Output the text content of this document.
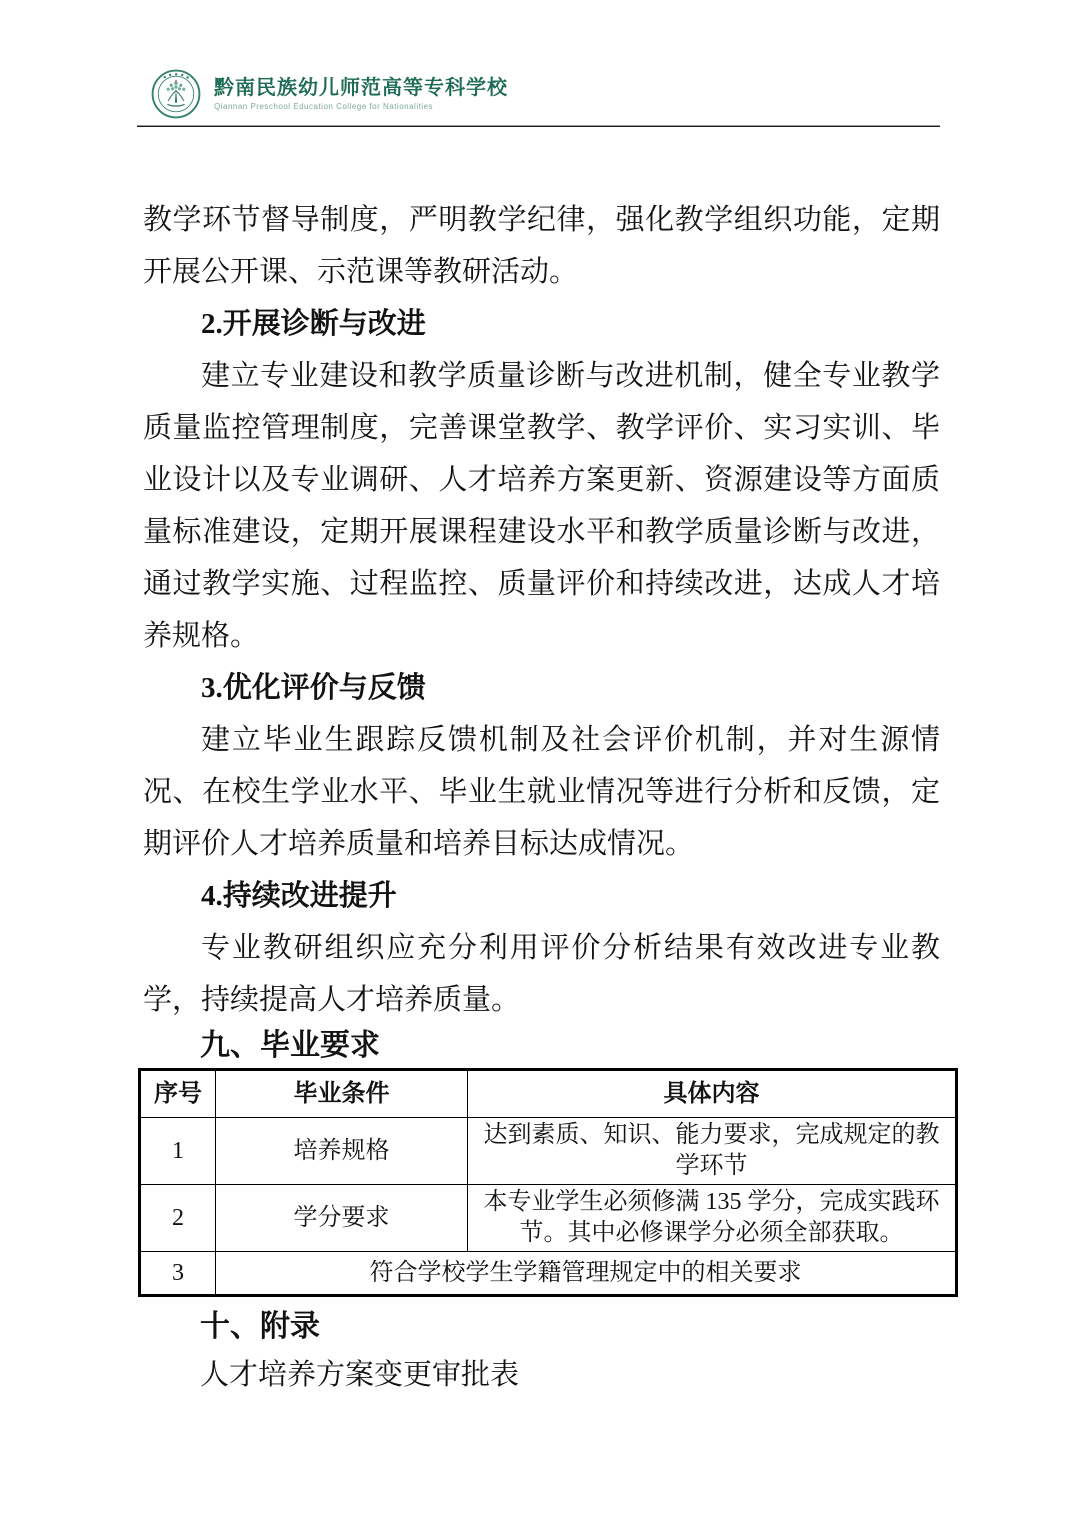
黔南民族幼儿师范高等专科学校
Qiannan Preschool Education College for Nationalities

教学环节督导制度，严明教学纪律，强化教学组织功能，定期开展公开课、示范课等教研活动。

2.开展诊断与改进

建立专业建设和教学质量诊断与改进机制，健全专业教学质量监控管理制度，完善课堂教学、教学评价、实习实训、毕业设计以及专业调研、人才培养方案更新、资源建设等方面质量标准建设，定期开展课程建设水平和教学质量诊断与改进，通过教学实施、过程监控、质量评价和持续改进，达成人才培养规格。

3.优化评价与反馈

建立毕业生跟踪反馈机制及社会评价机制，并对生源情况、在校生学业水平、毕业生就业情况等进行分析和反馈，定期评价人才培养质量和培养目标达成情况。

4.持续改进提升

专业教研组织应充分利用评价分析结果有效改进专业教学，持续提高人才培养质量。

九、毕业要求

序号	毕业条件	具体内容
1	培养规格	达到素质、知识、能力要求，完成规定的教学环节
2	学分要求	本专业学生必须修满 135 学分，完成实践环节。其中必修课学分必须全部获取。
3	符合学校学生学籍管理规定中的相关要求	

十、附录

人才培养方案变更审批表
